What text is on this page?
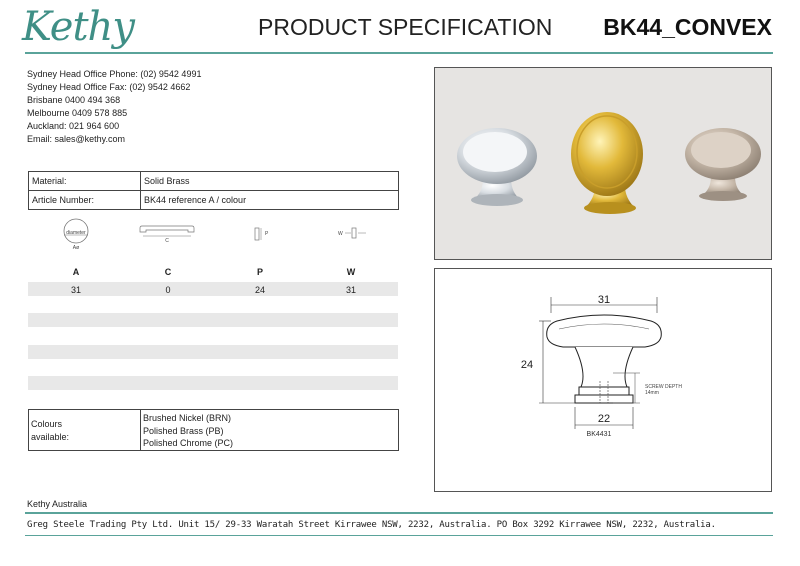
Kethy	PRODUCT SPECIFICATION BK44_CONVEX
Sydney Head Office Phone: (02) 9542 4991
Sydney Head Office Fax: (02) 9542 4662
Brisbane 0400 494 368
Melbourne 0409 578 885
Auckland: 021 964 600
Email: sales@kethy.com
Material:	Solid Brass
Article Number:	BK44 reference A / colour
diameter
Aø
C
P	W
A	C	P	W
31	0	24	31
Colours
available:
Brushed Nickel (BRN)
Polished Brass (PB)
Polished Chrome (PC)
31
24
SCREW DEPTH
14mm
22
BK4431
Kethy Australia
Greg Steele Trading Pty Ltd. Unit 15/ 29-33 Waratah Street Kirrawee NSW, 2232, Australia. PO Box 3292 Kirrawee NSW, 2232, Australia.
